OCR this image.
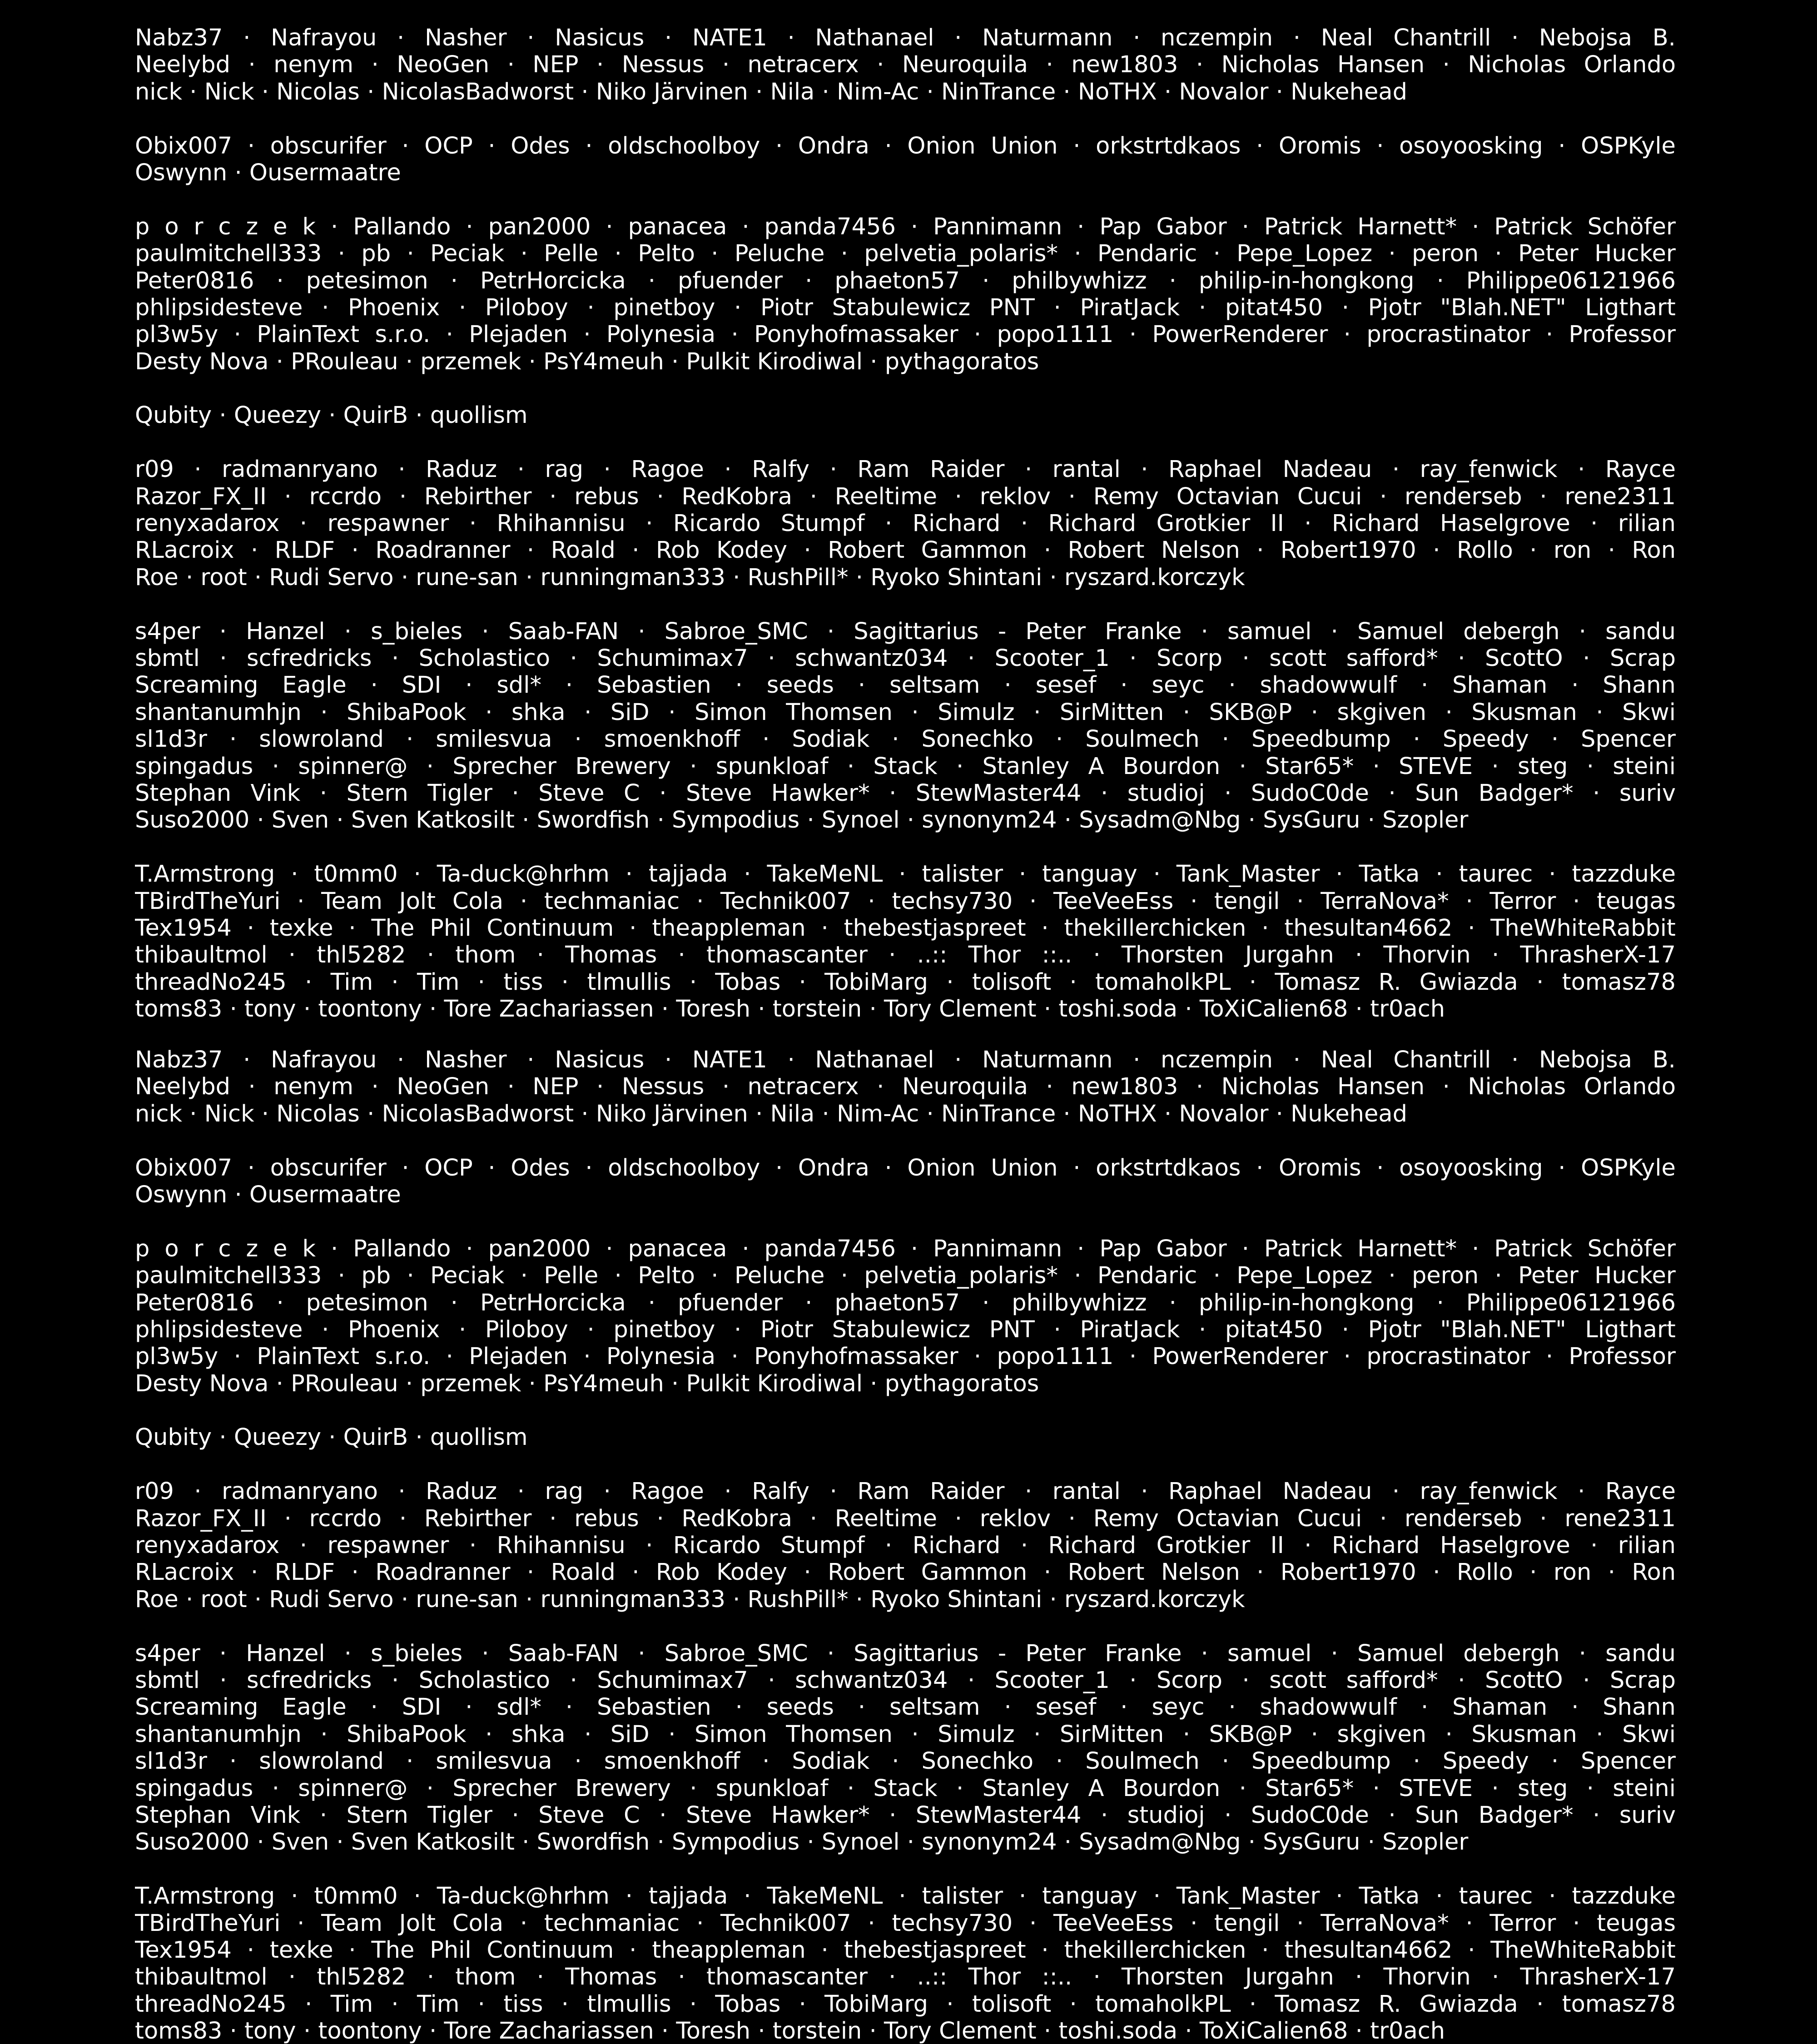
Nabz37 · Nafrayou · Nasher · Nasicus · NATE1 · Nathanael · Naturmann · nczempin · Neal Chantrill · Nebojsa B.
Neelybd · nenym · NeoGen · NEP · Nessus · netracerx · Neuroquila · new1803 · Nicholas Hansen · Nicholas Orlando
nick · Nick · Nicolas · NicolasBadworst · Niko Järvinen · Nila · Nim-Ac · NinTrance · NoTHX · Novalor · Nukehead
Obix007 · obscurifer · OCP · Odes · oldschoolboy · Ondra · Onion Union · orkstrtdkaos · Oromis · osoyoosking · OSPKyle
Oswynn · Ousermaatre
p o r c z e k · Pallando · pan2000 · panacea · panda7456 · Pannimann · Pap Gabor · Patrick Harnett* · Patrick Schöfer
paulmitchell333 · pb · Peciak · Pelle · Pelto · Peluche · pelvetia_polaris* · Pendaric · Pepe_Lopez · peron · Peter Hucker
Peter0816 · petesimon · PetrHorcicka · pfuender · phaeton57 · philbywhizz · philip-in-hongkong · Philippe06121966
phlipsidesteve · Phoenix · Piloboy · pinetboy · Piotr Stabulewicz PNT · PiratJack · pitat450 · Pjotr "Blah.NET" Ligthart
pl3w5y · PlainText s.r.o. · Plejaden · Polynesia · Ponyhofmassaker · popo1111 · PowerRenderer · procrastinator · Professor
Desty Nova · PRouleau · przemek · PsY4meuh · Pulkit Kirodiwal · pythagoratos
Qubity · Queezy · QuirB · quollism
r09 · radmanryano · Raduz · rag · Ragoe · Ralfy · Ram Raider · rantal · Raphael Nadeau · ray_fenwick · Rayce
Razor_FX_II · rccrdo · Rebirther · rebus · RedKobra · Reeltime · reklov · Remy Octavian Cucui · renderseb · rene2311
renyxadarox · respawner · Rhihannisu · Ricardo Stumpf · Richard · Richard Grotkier II · Richard Haselgrove · rilian
RLacroix · RLDF · Roadranner · Roald · Rob Kodey · Robert Gammon · Robert Nelson · Robert1970 · Rollo · ron · Ron
Roe · root · Rudi Servo · rune-san · runningman333 · RushPill* · Ryoko Shintani · ryszard.korczyk
s4per · Hanzel · s_bieles · Saab-FAN · Sabroe_SMC · Sagittarius - Peter Franke · samuel · Samuel debergh · sandu
sbmtl · scfredricks · Scholastico · Schumimax7 · schwantz034 · Scooter_1 · Scorp · scott safford* · ScottO · Scrap
Screaming Eagle · SDI · sdl* · Sebastien · seeds · seltsam · sesef · seyc · shadowwulf · Shaman · Shann
shantanumhjn · ShibaPook · shka · SiD · Simon Thomsen · Simulz · SirMitten · SKB@P · skgiven · Skusman · Skwi
sl1d3r · slowroland · smilesvua · smoenkhoff · Sodiak · Sonechko · Soulmech · Speedbump · Speedy · Spencer
spingadus · spinner@ · Sprecher Brewery · spunkloaf · Stack · Stanley A Bourdon · Star65* · STEVE · steg · steini
Stephan Vink · Stern Tigler · Steve C · Steve Hawker* · StewMaster44 · studioj · SudoC0de · Sun Badger* · suriv
Suso2000 · Sven · Sven Katkosilt · Swordfish · Sympodius · Synoel · synonym24 · Sysadm@Nbg · SysGuru · Szopler
T.Armstrong · t0mm0 · Ta-duck@hrhm · tajjada · TakeMeNL · talister · tanguay · Tank_Master · Tatka · taurec · tazzduke
TBirdTheYuri · Team Jolt Cola · techmaniac · Technik007 · techsy730 · TeeVeeEss · tengil · TerraNova* · Terror · teugas
Tex1954 · texke · The Phil Continuum · theappleman · thebestjaspreet · thekillerchicken · thesultan4662 · TheWhiteRabbit
thibaultmol · thl5282 · thom · Thomas · thomascanter · ..:: Thor ::.. · Thorsten Jurgahn · Thorvin · ThrasherX-17
threadNo245 · Tim · Tim · tiss · tlmullis · Tobas · TobiMarg · tolisoft · tomaholkPL · Tomasz R. Gwiazda · tomasz78
toms83 · tony · toontony · Tore Zachariassen · Toresh · torstein · Tory Clement · toshi.soda · ToXiCalien68 · tr0ach
Nabz37 · Nafrayou · Nasher · Nasicus · NATE1 · Nathanael · Naturmann · nczempin · Neal Chantrill · Nebojsa B.
Neelybd · nenym · NeoGen · NEP · Nessus · netracerx · Neuroquila · new1803 · Nicholas Hansen · Nicholas Orlando
nick · Nick · Nicolas · NicolasBadworst · Niko Järvinen · Nila · Nim-Ac · NinTrance · NoTHX · Novalor · Nukehead
Obix007 · obscurifer · OCP · Odes · oldschoolboy · Ondra · Onion Union · orkstrtdkaos · Oromis · osoyoosking · OSPKyle
Oswynn · Ousermaatre
p o r c z e k · Pallando · pan2000 · panacea · panda7456 · Pannimann · Pap Gabor · Patrick Harnett* · Patrick Schöfer
paulmitchell333 · pb · Peciak · Pelle · Pelto · Peluche · pelvetia_polaris* · Pendaric · Pepe_Lopez · peron · Peter Hucker
Peter0816 · petesimon · PetrHorcicka · pfuender · phaeton57 · philbywhizz · philip-in-hongkong · Philippe06121966
phlipsidesteve · Phoenix · Piloboy · pinetboy · Piotr Stabulewicz PNT · PiratJack · pitat450 · Pjotr "Blah.NET" Ligthart
pl3w5y · PlainText s.r.o. · Plejaden · Polynesia · Ponyhofmassaker · popo1111 · PowerRenderer · procrastinator · Professor
Desty Nova · PRouleau · przemek · PsY4meuh · Pulkit Kirodiwal · pythagoratos
Qubity · Queezy · QuirB · quollism
r09 · radmanryano · Raduz · rag · Ragoe · Ralfy · Ram Raider · rantal · Raphael Nadeau · ray_fenwick · Rayce
Razor_FX_II · rccrdo · Rebirther · rebus · RedKobra · Reeltime · reklov · Remy Octavian Cucui · renderseb · rene2311
renyxadarox · respawner · Rhihannisu · Ricardo Stumpf · Richard · Richard Grotkier II · Richard Haselgrove · rilian
RLacroix · RLDF · Roadranner · Roald · Rob Kodey · Robert Gammon · Robert Nelson · Robert1970 · Rollo · ron · Ron
Roe · root · Rudi Servo · rune-san · runningman333 · RushPill* · Ryoko Shintani · ryszard.korczyk
s4per · Hanzel · s_bieles · Saab-FAN · Sabroe_SMC · Sagittarius - Peter Franke · samuel · Samuel debergh · sandu
sbmtl · scfredricks · Scholastico · Schumimax7 · schwantz034 · Scooter_1 · Scorp · scott safford* · ScottO · Scrap
Screaming Eagle · SDI · sdl* · Sebastien · seeds · seltsam · sesef · seyc · shadowwulf · Shaman · Shann
shantanumhjn · ShibaPook · shka · SiD · Simon Thomsen · Simulz · SirMitten · SKB@P · skgiven · Skusman · Skwi
sl1d3r · slowroland · smilesvua · smoenkhoff · Sodiak · Sonechko · Soulmech · Speedbump · Speedy · Spencer
spingadus · spinner@ · Sprecher Brewery · spunkloaf · Stack · Stanley A Bourdon · Star65* · STEVE · steg · steini
Stephan Vink · Stern Tigler · Steve C · Steve Hawker* · StewMaster44 · studioj · SudoC0de · Sun Badger* · suriv
Suso2000 · Sven · Sven Katkosilt · Swordfish · Sympodius · Synoel · synonym24 · Sysadm@Nbg · SysGuru · Szopler
T.Armstrong · t0mm0 · Ta-duck@hrhm · tajjada · TakeMeNL · talister · tanguay · Tank_Master · Tatka · taurec · tazzduke
TBirdTheYuri · Team Jolt Cola · techmaniac · Technik007 · techsy730 · TeeVeeEss · tengil · TerraNova* · Terror · teugas
Tex1954 · texke · The Phil Continuum · theappleman · thebestjaspreet · thekillerchicken · thesultan4662 · TheWhiteRabbit
thibaultmol · thl5282 · thom · Thomas · thomascanter · ..:: Thor ::.. · Thorsten Jurgahn · Thorvin · ThrasherX-17
threadNo245 · Tim · Tim · tiss · tlmullis · Tobas · TobiMarg · tolisoft · tomaholkPL · Tomasz R. Gwiazda · tomasz78
toms83 · tony · toontony · Tore Zachariassen · Toresh · torstein · Tory Clement · toshi.soda · ToXiCalien68 · tr0ach
